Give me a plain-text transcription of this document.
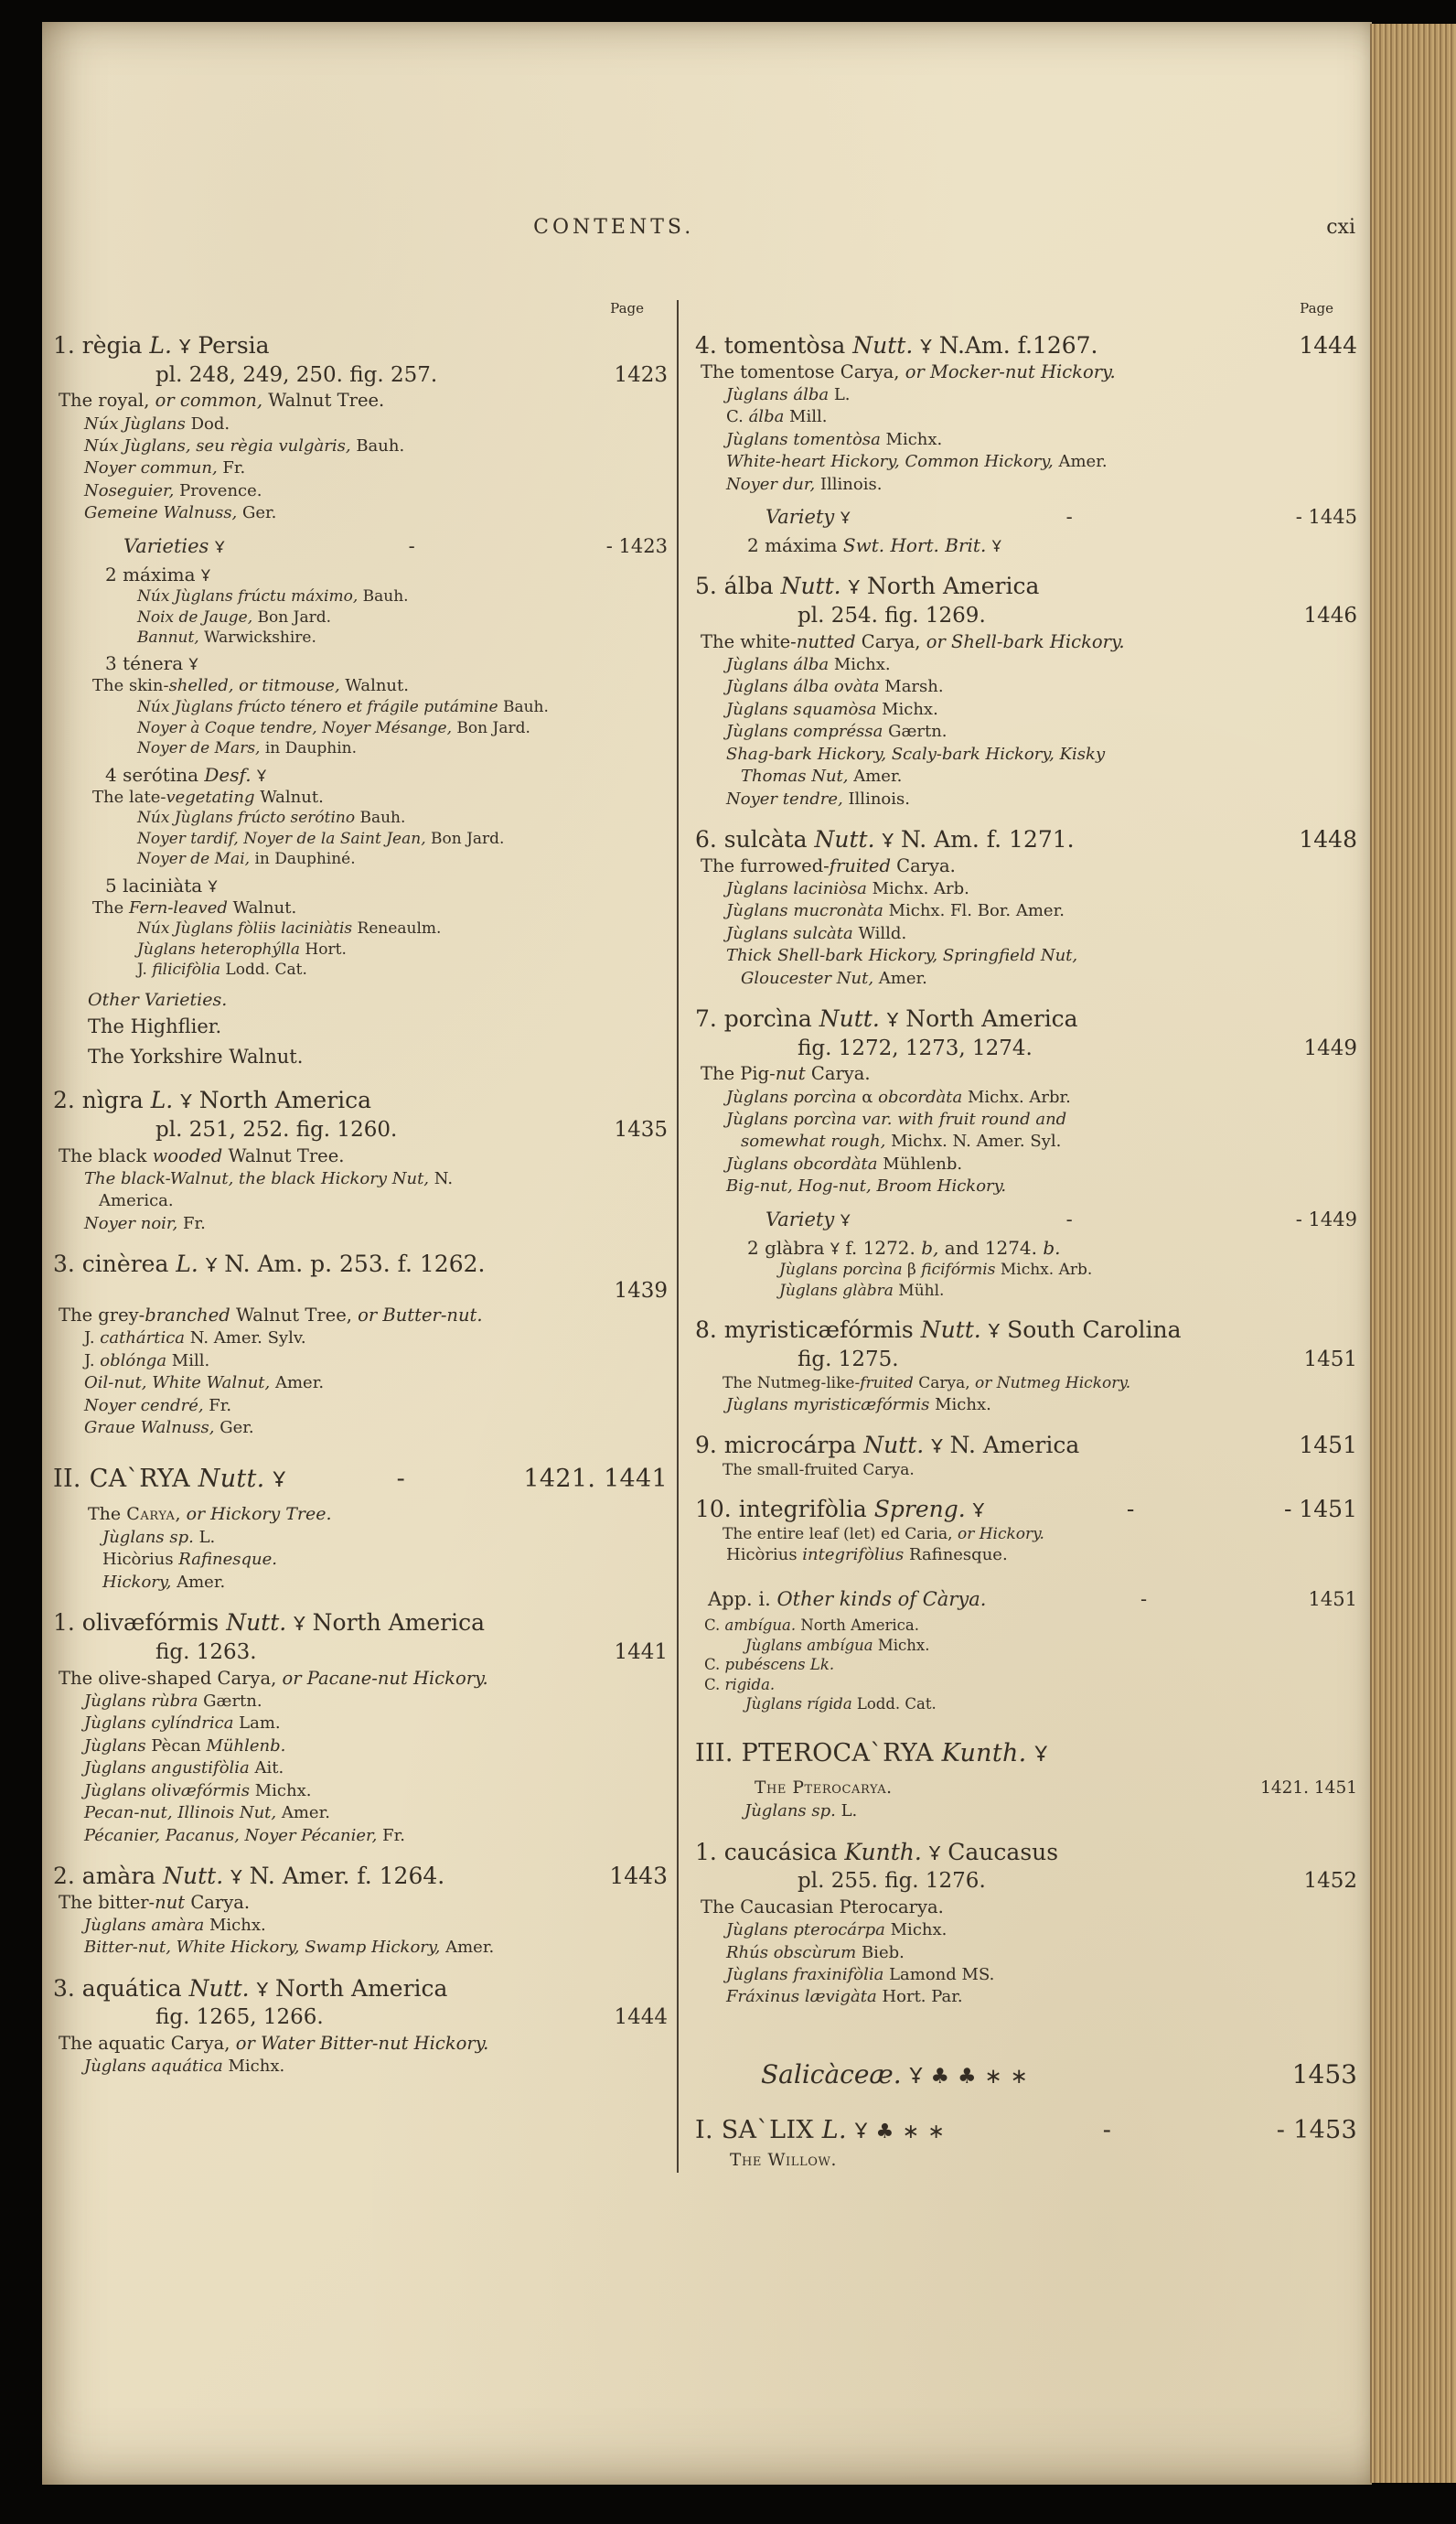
CONTENTS.	cxi
Page
1. règia L. Ұ Persia
pl. 248, 249, 250. fig. 257.	1423
The royal, or common, Walnut Tree.
Núx Jùglans Dod.
Núx Jùglans, seu règia vulgàris, Bauh.
Noyer commun, Fr.
Noseguier, Provence.
Gemeine Walnuss, Ger.
Varieties Ұ	-	- 1423
2 máxima Ұ
Núx Jùglans frúctu máximo, Bauh.
Noix de Jauge, Bon Jard.
Bannut, Warwickshire.
3 ténera Ұ
The skin-shelled, or titmouse, Walnut.
Núx Jùglans frúcto ténero et frágile putámine Bauh.
Noyer à Coque tendre, Noyer Mésange, Bon Jard.
Noyer de Mars, in Dauphin.
4 serótina Desf. Ұ
The late-vegetating Walnut.
Núx Jùglans frúcto serótino Bauh.
Noyer tardif, Noyer de la Saint Jean, Bon Jard.
Noyer de Mai, in Dauphiné.
5 laciniàta Ұ
The Fern-leaved Walnut.
Núx Jùglans fòliis laciniàtis Reneaulm.
Jùglans heterophýlla Hort.
J. filicifòlia Lodd. Cat.
Other Varieties.
The Highflier.
The Yorkshire Walnut.
2. nìgra L. Ұ North America
pl. 251, 252. fig. 1260.	1435
The black wooded Walnut Tree.
The black-Walnut, the black Hickory Nut, N. America.
Noyer noir, Fr.
3. cinèrea L. Ұ N. Am. p. 253. f. 1262.
1439
The grey-branched Walnut Tree, or Butter-nut.
J. cathártica N. Amer. Sylv.
J. oblónga Mill.
Oil-nut, White Walnut, Amer.
Noyer cendré, Fr.
Graue Walnuss, Ger.
II. CA`RYA Nutt. Ұ	-	1421. 1441
The Carya, or Hickory Tree.
Jùglans sp. L.
Hicòrius Rafinesque.
Hickory, Amer.
1. olivæfórmis Nutt. Ұ North America
fig. 1263.	1441
The olive-shaped Carya, or Pacane-nut Hickory.
Jùglans rùbra Gærtn.
Jùglans cylíndrica Lam.
Jùglans Pècan Mühlenb.
Jùglans angustifòlia Ait.
Jùglans olivæfórmis Michx.
Pecan-nut, Illinois Nut, Amer.
Pécanier, Pacanus, Noyer Pécanier, Fr.
2. amàra Nutt. Ұ N. Amer. f. 1264.	1443
The bitter-nut Carya.
Jùglans amàra Michx.
Bitter-nut, White Hickory, Swamp Hickory, Amer.
3. aquática Nutt. Ұ North America
fig. 1265, 1266.	1444
The aquatic Carya, or Water Bitter-nut Hickory.
Jùglans aquática Michx.
Page
4. tomentòsa Nutt. Ұ N.Am. f.1267.	1444
The tomentose Carya, or Mocker-nut Hickory.
Jùglans álba L.
C. álba Mill.
Jùglans tomentòsa Michx.
White-heart Hickory, Common Hickory, Amer.
Noyer dur, Illinois.
Variety Ұ	-	- 1445
2 máxima Swt. Hort. Brit. Ұ
5. álba Nutt. Ұ North America
pl. 254. fig. 1269.	1446
The white-nutted Carya, or Shell-bark Hickory.
Jùglans álba Michx.
Jùglans álba ovàta Marsh.
Jùglans squamòsa Michx.
Jùglans compréssa Gærtn.
Shag-bark Hickory, Scaly-bark Hickory, Kisky Thomas Nut, Amer.
Noyer tendre, Illinois.
6. sulcàta Nutt. Ұ N. Am. f. 1271.	1448
The furrowed-fruited Carya.
Jùglans laciniòsa Michx. Arb.
Jùglans mucronàta Michx. Fl. Bor. Amer.
Jùglans sulcàta Willd.
Thick Shell-bark Hickory, Springfield Nut, Gloucester Nut, Amer.
7. porcìna Nutt. Ұ North America
fig. 1272, 1273, 1274.	1449
The Pig-nut Carya.
Jùglans porcìna α obcordàta Michx. Arbr.
Jùglans porcìna var. with fruit round and somewhat rough, Michx. N. Amer. Syl.
Jùglans obcordàta Mühlenb.
Big-nut, Hog-nut, Broom Hickory.
Variety Ұ	-	- 1449
2 glàbra Ұ f. 1272. b, and 1274. b.
Jùglans porcìna β ficifórmis Michx. Arb.
Jùglans glàbra Mühl.
8. myristicæfórmis Nutt. Ұ South Carolina
fig. 1275.	1451
The Nutmeg-like-fruited Carya, or Nutmeg Hickory.
Jùglans myristicæfórmis Michx.
9. microcárpa Nutt. Ұ N. America	1451
The small-fruited Carya.
10. integrifòlia Spreng. Ұ	-	- 1451
The entire leaf (let) ed Caria, or Hickory.
Hicòrius integrifòlius Rafinesque.
App. i. Other kinds of Càrya.	-	1451
C. ambígua. North America.
Jùglans ambígua Michx.
C. pubéscens Lk.
C. rigida.
Jùglans rígida Lodd. Cat.
III. PTEROCA`RYA Kunth. Ұ
The Pterocarya.	1421. 1451
Jùglans sp. L.
1. caucásica Kunth. Ұ Caucasus
pl. 255. fig. 1276.	1452
The Caucasian Pterocarya.
Jùglans pterocárpa Michx.
Rhús obscùrum Bieb.
Jùglans fraxinifòlia Lamond MS.
Fráxinus lævigàta Hort. Par.
Salicàceæ. Ұ ♣ ♣ ∗ ∗	1453
I. SA`LIX L. Ұ ♣ ∗ ∗	-	- 1453
The Willow.
